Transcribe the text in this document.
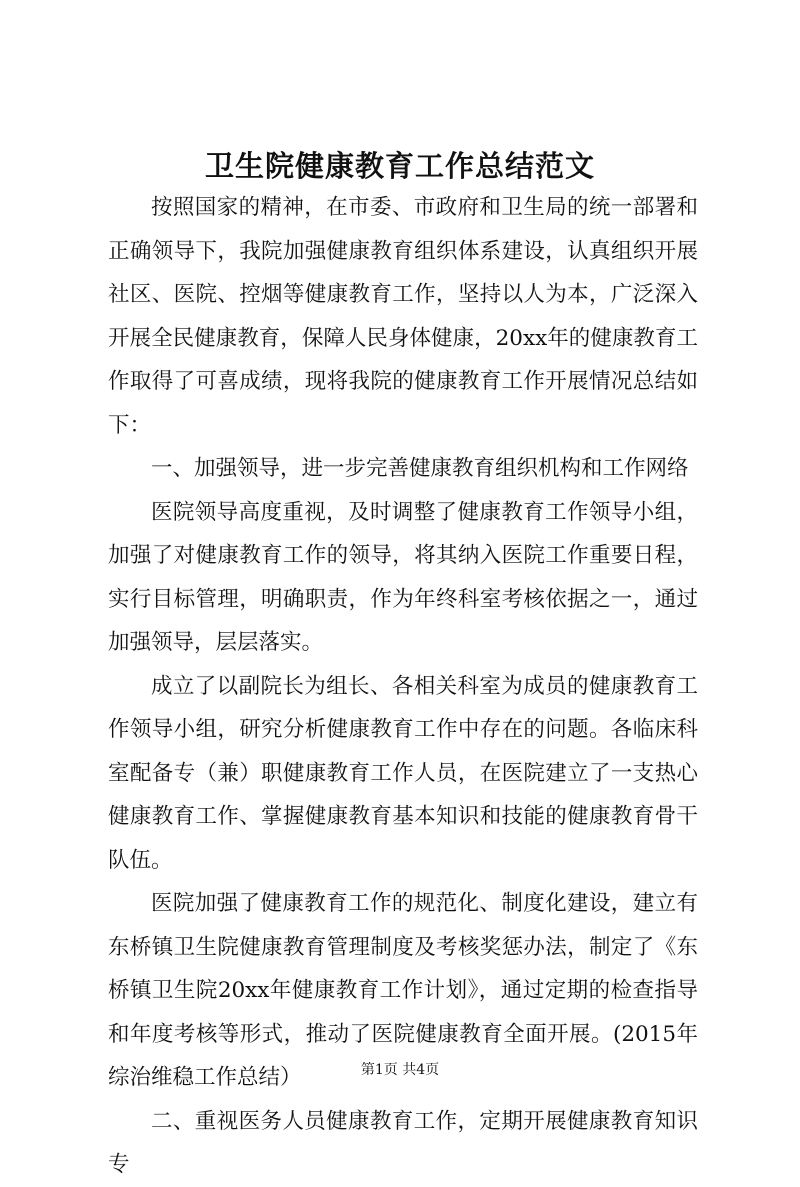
卫生院健康教育工作总结范文

按照国家的精神，在市委、市政府和卫生局的统一部署和正确领导下，我院加强健康教育组织体系建设，认真组织开展社区、医院、控烟等健康教育工作，坚持以人为本，广泛深入开展全民健康教育，保障人民身体健康，20xx年的健康教育工作取得了可喜成绩，现将我院的健康教育工作开展情况总结如下：

一、加强领导，进一步完善健康教育组织机构和工作网络

医院领导高度重视，及时调整了健康教育工作领导小组，加强了对健康教育工作的领导，将其纳入医院工作重要日程，实行目标管理，明确职责，作为年终科室考核依据之一，通过加强领导，层层落实。

成立了以副院长为组长、各相关科室为成员的健康教育工作领导小组，研究分析健康教育工作中存在的问题。各临床科室配备专（兼）职健康教育工作人员，在医院建立了一支热心健康教育工作、掌握健康教育基本知识和技能的健康教育骨干队伍。

医院加强了健康教育工作的规范化、制度化建设，建立有东桥镇卫生院健康教育管理制度及考核奖惩办法，制定了《东桥镇卫生院20xx年健康教育工作计划》，通过定期的检查指导和年度考核等形式，推动了医院健康教育全面开展。(2015年综治维稳工作总结）

二、重视医务人员健康教育工作，定期开展健康教育知识专

第1页 共4页
